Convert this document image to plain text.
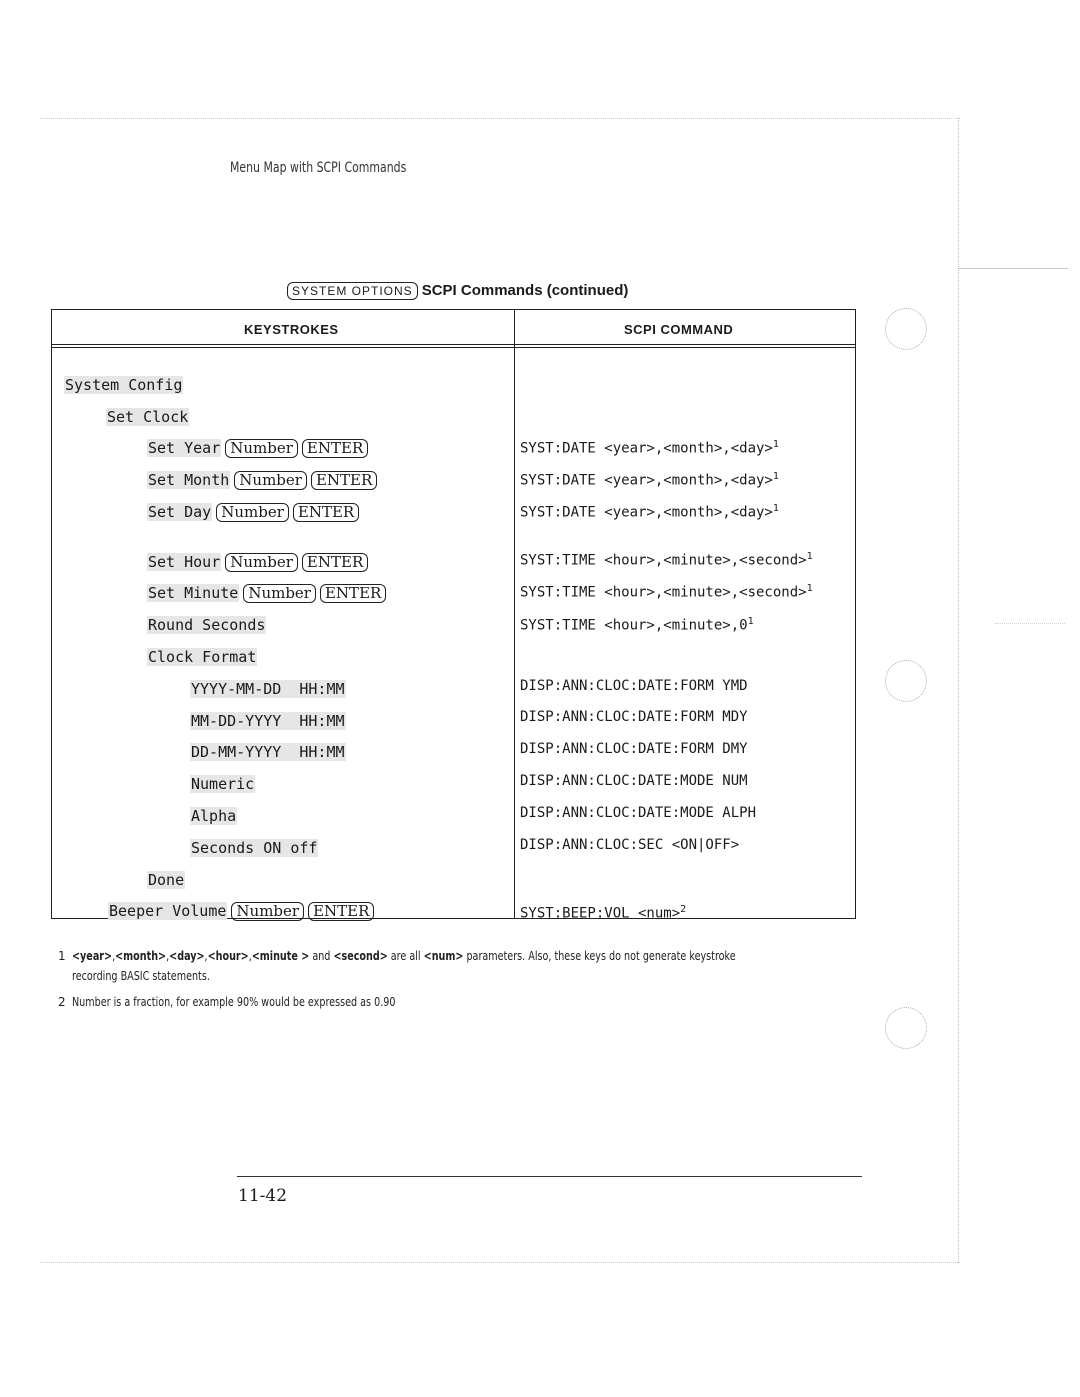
Menu Map with SCPI Commands
SYSTEM OPTIONS SCPI Commands (continued)
KEYSTROKES	SCPI COMMAND
System Config
Set Clock
Set Year Number ENTER
Set Month Number ENTER
Set Day Number ENTER
Set Hour Number ENTER
Set Minute Number ENTER
Round Seconds
Clock Format
YYYY-MM-DD  HH:MM
MM-DD-YYYY  HH:MM
DD-MM-YYYY  HH:MM
Numeric
Alpha
Seconds ON off
Done
Beeper Volume Number ENTER
SYST:DATE <year>,<month>,<day>$^1$
SYST:DATE <year>,<month>,<day>$^1$
SYST:DATE <year>,<month>,<day>$^1$
SYST:TIME <hour>,<minute>,<second>$^1$
SYST:TIME <hour>,<minute>,<second>$^1$
SYST:TIME $<hour>,<minute>,0^1$
DISP:ANN:CLOC:DATE:FORM YMD
DISP:ANN:CLOC:DATE:FORM MDY
DISP:ANN:CLOC:DATE:FORM DMY
DISP:ANN:CLOC:DATE:MODE NUM
DISP:ANN:CLOC:DATE:MODE ALPH
DISP:ANN:CLOC:SEC <ON|OFF>
SYST:BEEP:VOL <num>$^2$
1 <year>,<month>,<day>,<hour>,<minute > and <second> are all <num> parameters. Also, these keys do not generate keystroke recording BASIC statements.
2 Number is a fraction, for example 90% would be expressed as 0.90
11-42
